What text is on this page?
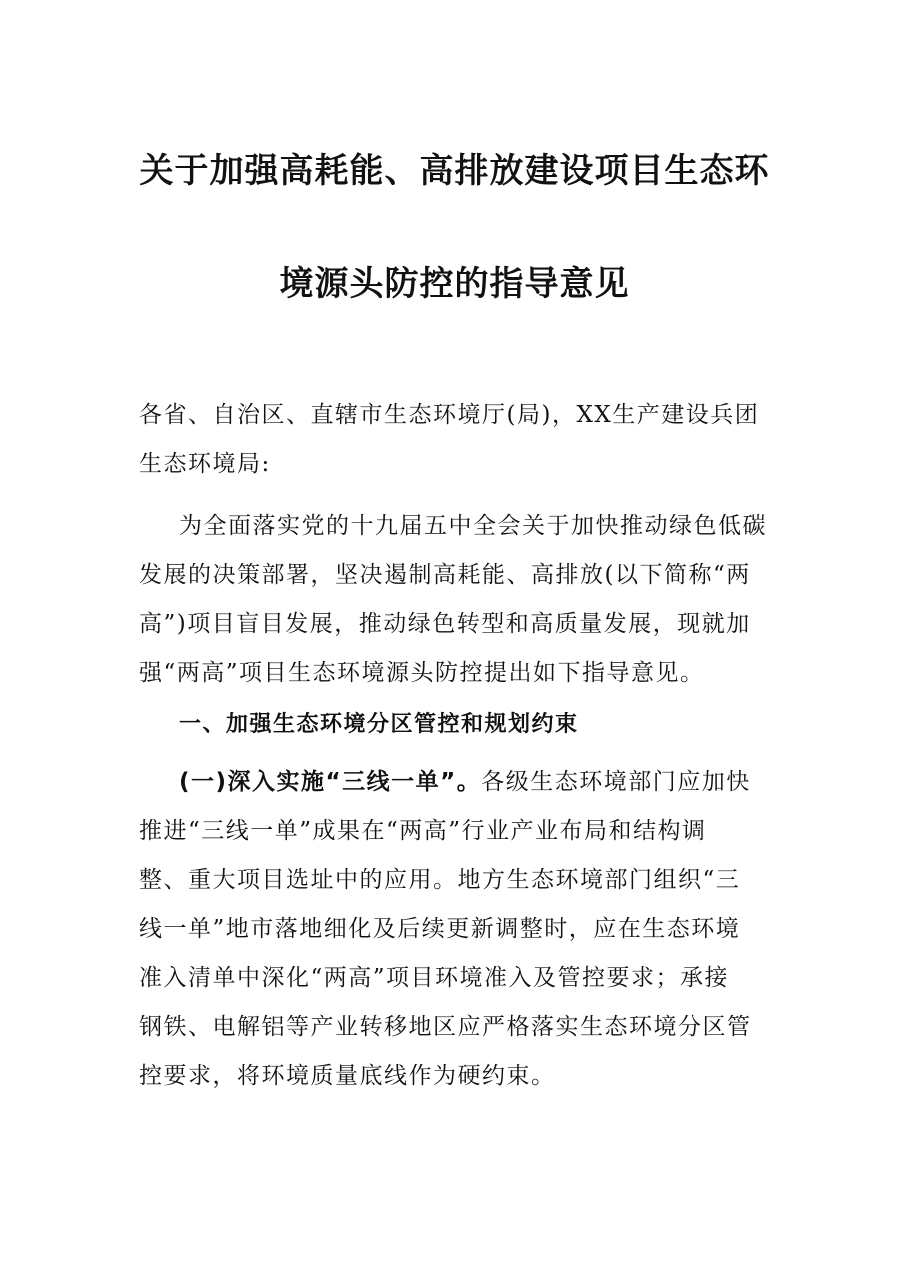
关于加强高耗能、高排放建设项目生态环
境源头防控的指导意见
各省、自治区、直辖市生态环境厅(局)，XX生产建设兵团
生态环境局:
为全面落实党的十九届五中全会关于加快推动绿色低碳
发展的决策部署，坚决遏制高耗能、高排放(以下简称“两
高”)项目盲目发展，推动绿色转型和高质量发展，现就加
强“两高”项目生态环境源头防控提出如下指导意见。
一、加强生态环境分区管控和规划约束
(一)深入实施“三线一单”。各级生态环境部门应加快
推进“三线一单”成果在“两高”行业产业布局和结构调
整、重大项目选址中的应用。地方生态环境部门组织“三
线一单”地市落地细化及后续更新调整时，应在生态环境
准入清单中深化“两高”项目环境准入及管控要求；承接
钢铁、电解铝等产业转移地区应严格落实生态环境分区管
控要求，将环境质量底线作为硬约束。
